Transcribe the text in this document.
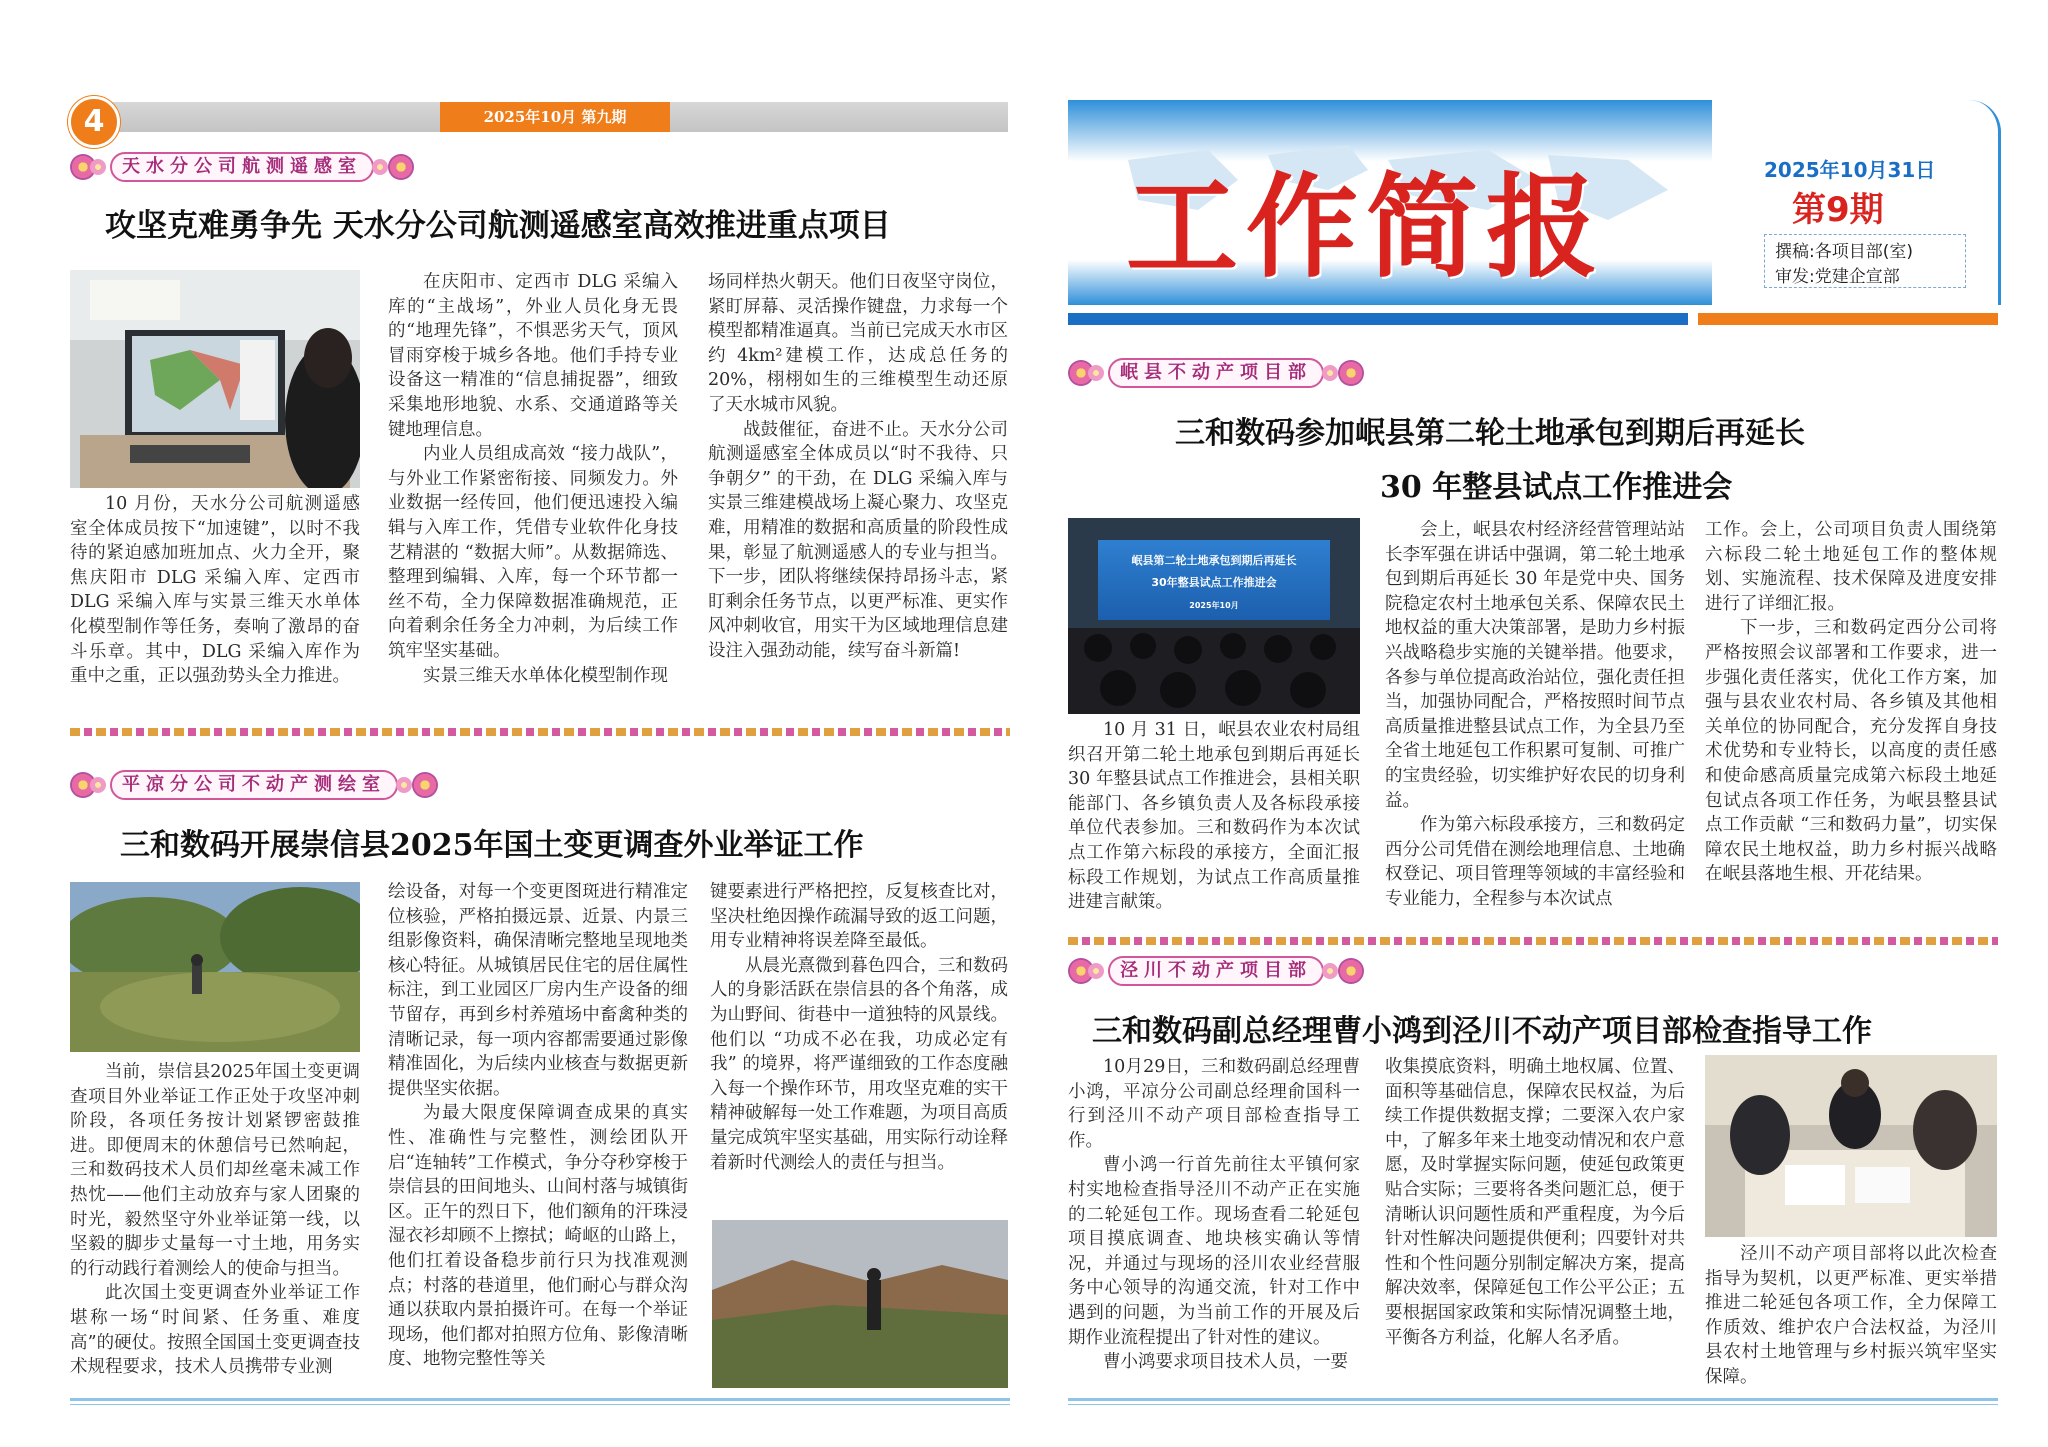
4	2025年10月 第九期
天水分公司航测遥感室
攻坚克难勇争先 天水分公司航测遥感室高效推进重点项目

10 月份，天水分公司航测遥感室全体成员按下“加速键”，以时不我待的紧迫感加班加点、火力全开，聚焦庆阳市 DLG 采编入库、定西市 DLG 采编入库与实景三维天水单体化模型制作等任务，奏响了激昂的奋斗乐章。其中，DLG 采编入库作为重中之重，正以强劲势头全力推进。

在庆阳市、定西市 DLG 采编入库的“主战场”，外业人员化身无畏的“地理先锋”，不惧恶劣天气，顶风冒雨穿梭于城乡各地。他们手持专业设备这一精准的“信息捕捉器”，细致采集地形地貌、水系、交通道路等关键地理信息。

内业人员组成高效 “接力战队”，与外业工作紧密衔接、同频发力。外业数据一经传回，他们便迅速投入编辑与入库工作，凭借专业软件化身技艺精湛的 “数据大师”。从数据筛选、整理到编辑、入库，每一个环节都一丝不苟，全力保障数据准确规范，正向着剩余任务全力冲刺，为后续工作筑牢坚实基础。

实景三维天水单体化模型制作现

场同样热火朝天。他们日夜坚守岗位，紧盯屏幕、灵活操作键盘，力求每一个模型都精准逼真。当前已完成天水市区约 4km²建模工作，达成总任务的 20%，栩栩如生的三维模型生动还原了天水城市风貌。

战鼓催征，奋进不止。天水分公司航测遥感室全体成员以“时不我待、只争朝夕” 的干劲，在 DLG 采编入库与实景三维建模战场上凝心聚力、攻坚克难，用精准的数据和高质量的阶段性成果，彰显了航测遥感人的专业与担当。下一步，团队将继续保持昂扬斗志，紧盯剩余任务节点，以更严标准、更实作风冲刺收官，用实干为区域地理信息建设注入强劲动能，续写奋斗新篇!

平凉分公司不动产测绘室
三和数码开展崇信县2025年国土变更调查外业举证工作

当前，崇信县2025年国土变更调查项目外业举证工作正处于攻坚冲刺阶段，各项任务按计划紧锣密鼓推进。即便周末的休憩信号已然响起，三和数码技术人员们却丝毫未减工作热忱——他们主动放弃与家人团聚的时光，毅然坚守外业举证第一线，以坚毅的脚步丈量每一寸土地，用务实的行动践行着测绘人的使命与担当。

此次国土变更调查外业举证工作堪称一场“时间紧、任务重、难度高”的硬仗。按照全国国土变更调查技术规程要求，技术人员携带专业测

绘设备，对每一个变更图斑进行精准定位核验，严格拍摄远景、近景、内景三组影像资料，确保清晰完整地呈现地类核心特征。从城镇居民住宅的居住属性标注，到工业园区厂房内生产设备的细节留存，再到乡村养殖场中畜禽种类的清晰记录，每一项内容都需要通过影像精准固化，为后续内业核查与数据更新提供坚实依据。

为最大限度保障调查成果的真实性、准确性与完整性，测绘团队开启“连轴转”工作模式，争分夺秒穿梭于崇信县的田间地头、山间村落与城镇街区。正午的烈日下，他们额角的汗珠浸湿衣衫却顾不上擦拭；崎岖的山路上，他们扛着设备稳步前行只为找准观测点；村落的巷道里，他们耐心与群众沟通以获取内景拍摄许可。在每一个举证现场，他们都对拍照方位角、影像清晰度、地物完整性等关

键要素进行严格把控，反复核查比对，坚决杜绝因操作疏漏导致的返工问题，用专业精神将误差降至最低。

从晨光熹微到暮色四合，三和数码人的身影活跃在崇信县的各个角落，成为山野间、街巷中一道独特的风景线。他们以 “功成不必在我，功成必定有我” 的境界，将严谨细致的工作态度融入每一个操作环节，用攻坚克难的实干精神破解每一处工作难题，为项目高质量完成筑牢坚实基础，用实际行动诠释着新时代测绘人的责任与担当。

工作简报	2025年10月31日
第9期
撰稿:各项目部(室)
审发:党建企宣部
岷县不动产项目部
三和数码参加岷县第二轮土地承包到期后再延长
30 年整县试点工作推进会
岷县第二轮土地承包到期后再延长
30年整县试点工作推进会
2025年10月

10 月 31 日，岷县农业农村局组织召开第二轮土地承包到期后再延长 30 年整县试点工作推进会，县相关职能部门、各乡镇负责人及各标段承接单位代表参加。三和数码作为本次试点工作第六标段的承接方，全面汇报标段工作规划，为试点工作高质量推进建言献策。

会上，岷县农村经济经营管理站站长李军强在讲话中强调，第二轮土地承包到期后再延长 30 年是党中央、国务院稳定农村土地承包关系、保障农民土地权益的重大决策部署，是助力乡村振兴战略稳步实施的关键举措。他要求，各参与单位提高政治站位，强化责任担当，加强协同配合，严格按照时间节点高质量推进整县试点工作，为全县乃至全省土地延包工作积累可复制、可推广的宝贵经验，切实维护好农民的切身利益。

作为第六标段承接方，三和数码定西分公司凭借在测绘地理信息、土地确权登记、项目管理等领域的丰富经验和专业能力，全程参与本次试点

工作。会上，公司项目负责人围绕第六标段二轮土地延包工作的整体规划、实施流程、技术保障及进度安排进行了详细汇报。

下一步，三和数码定西分公司将严格按照会议部署和工作要求，进一步强化责任落实，优化工作方案，加强与县农业农村局、各乡镇及其他相关单位的协同配合，充分发挥自身技术优势和专业特长，以高度的责任感和使命感高质量完成第六标段土地延包试点各项工作任务，为岷县整县试点工作贡献 “三和数码力量”，切实保障农民土地权益，助力乡村振兴战略在岷县落地生根、开花结果。

泾川不动产项目部
三和数码副总经理曹小鸿到泾川不动产项目部检查指导工作

10月29日，三和数码副总经理曹小鸿，平凉分公司副总经理俞国科一行到泾川不动产项目部检查指导工作。

曹小鸿一行首先前往太平镇何家村实地检查指导泾川不动产正在实施的二轮延包工作。现场查看二轮延包项目摸底调查、地块核实确认等情况，并通过与现场的泾川农业经营服务中心领导的沟通交流，针对工作中遇到的问题，为当前工作的开展及后期作业流程提出了针对性的建议。

曹小鸿要求项目技术人员，一要

收集摸底资料，明确土地权属、位置、面积等基础信息，保障农民权益，为后续工作提供数据支撑；二要深入农户家中，了解多年来土地变动情况和农户意愿，及时掌握实际问题，使延包政策更贴合实际；三要将各类问题汇总，便于清晰认识问题性质和严重程度，为今后针对性解决问题提供便利；四要针对共性和个性问题分别制定解决方案，提高解决效率，保障延包工作公平公正；五要根据国家政策和实际情况调整土地，平衡各方利益，化解人名矛盾。

泾川不动产项目部将以此次检查指导为契机，以更严标准、更实举措推进二轮延包各项工作，全力保障工作质效、维护农户合法权益，为泾川县农村土地管理与乡村振兴筑牢坚实保障。
